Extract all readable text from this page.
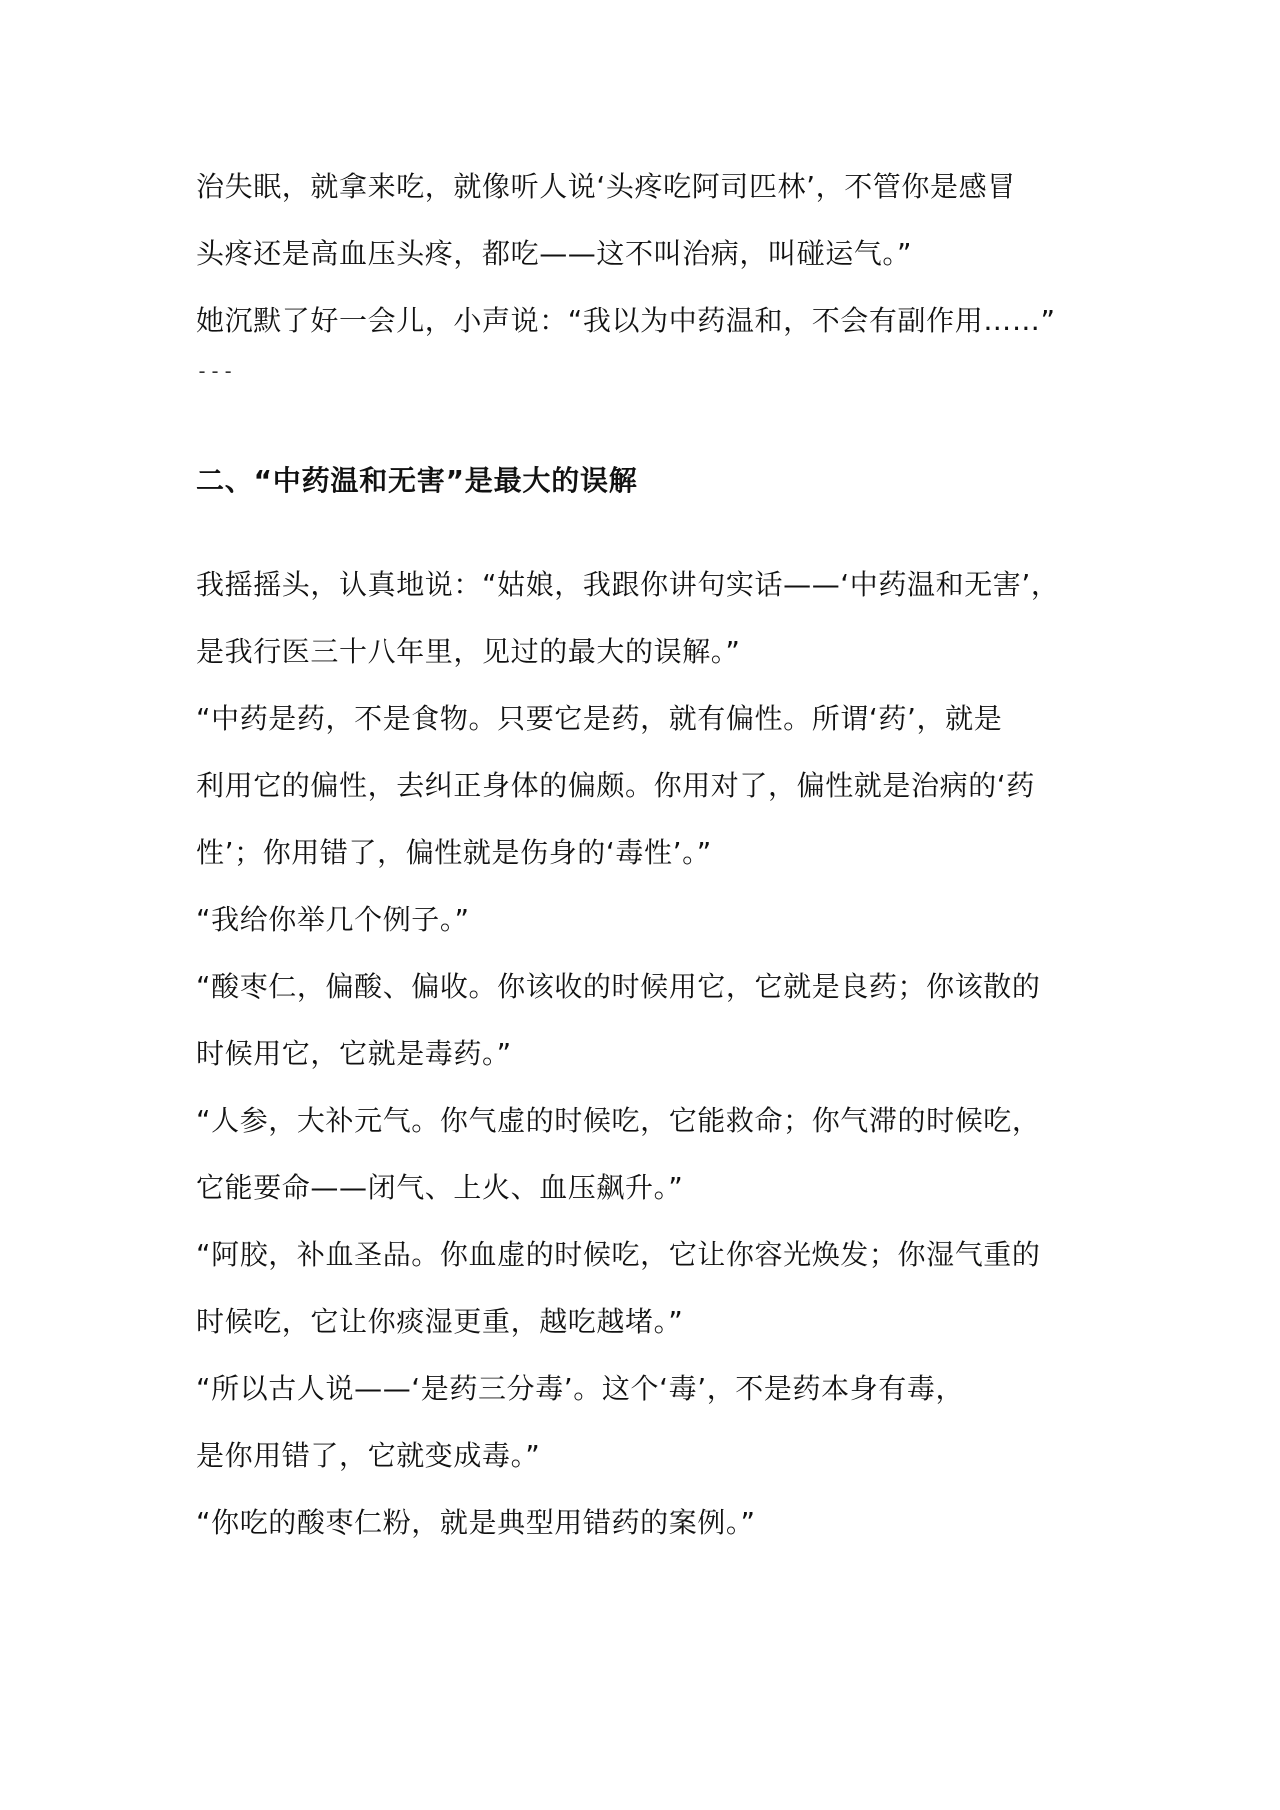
治失眠，就拿来吃，就像听人说‘头疼吃阿司匹林’，不管你是感冒
头疼还是高血压头疼，都吃——这不叫治病，叫碰运气。”
她沉默了好一会儿，小声说：“我以为中药温和，不会有副作用……”
---
二、“中药温和无害”是最大的误解
我摇摇头，认真地说：“姑娘，我跟你讲句实话——‘中药温和无害’，
是我行医三十八年里，见过的最大的误解。”
“中药是药，不是食物。只要它是药，就有偏性。所谓‘药’，就是
利用它的偏性，去纠正身体的偏颇。你用对了，偏性就是治病的‘药
性’；你用错了，偏性就是伤身的‘毒性’。”
“我给你举几个例子。”
“酸枣仁，偏酸、偏收。你该收的时候用它，它就是良药；你该散的
时候用它，它就是毒药。”
“人参，大补元气。你气虚的时候吃，它能救命；你气滞的时候吃，
它能要命——闭气、上火、血压飙升。”
“阿胶，补血圣品。你血虚的时候吃，它让你容光焕发；你湿气重的
时候吃，它让你痰湿更重，越吃越堵。”
“所以古人说——‘是药三分毒’。这个‘毒’，不是药本身有毒，
是你用错了，它就变成毒。”
“你吃的酸枣仁粉，就是典型用错药的案例。”
